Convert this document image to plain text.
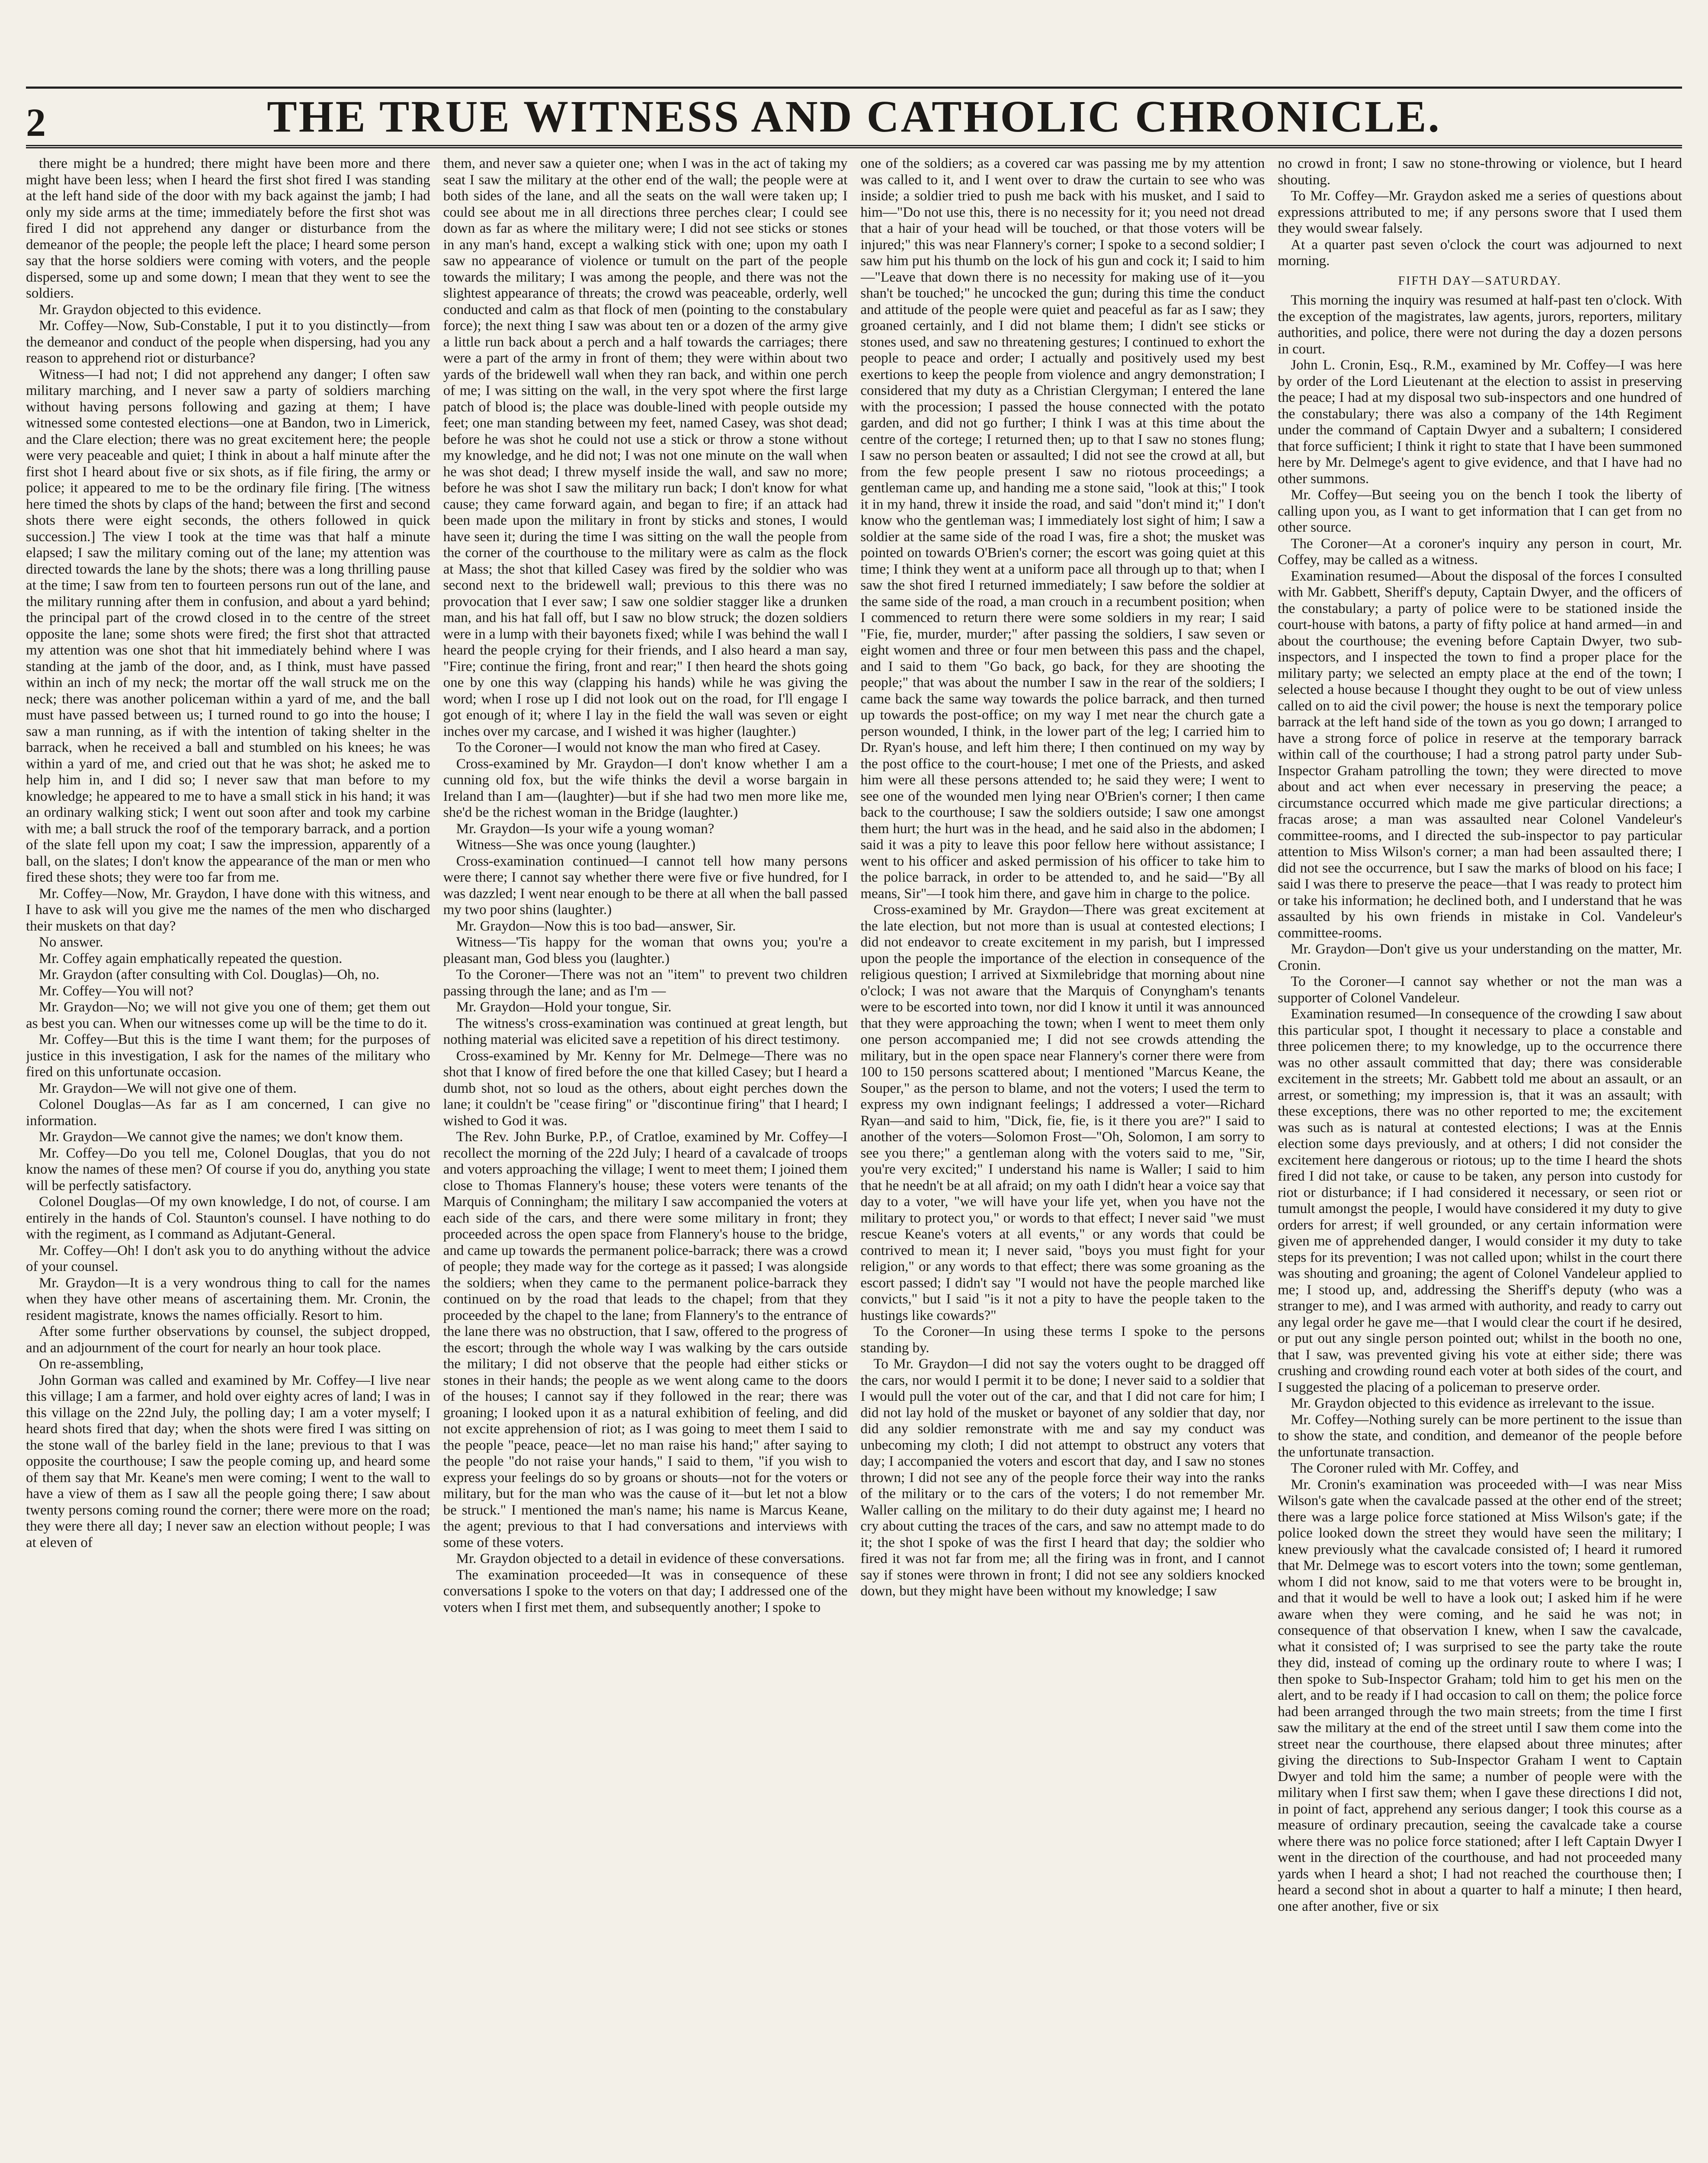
2	THE TRUE WITNESS AND CATHOLIC CHRONICLE.

there might be a hundred; there might have been more and there might have been less; when I heard the first shot fired I was standing at the left hand side of the door with my back against the jamb; I had only my side arms at the time; immediately before the first shot was fired I did not apprehend any danger or disturbance from the demeanor of the people; the people left the place; I heard some person say that the horse soldiers were coming with voters, and the people dispersed, some up and some down; I mean that they went to see the soldiers.

Mr. Graydon objected to this evidence.

Mr. Coffey—Now, Sub-Constable, I put it to you distinctly—from the demeanor and conduct of the people when dispersing, had you any reason to apprehend riot or disturbance?

Witness—I had not; I did not apprehend any danger; I often saw military marching, and I never saw a party of soldiers marching without having persons following and gazing at them; I have witnessed some contested elections—one at Bandon, two in Limerick, and the Clare election; there was no great excitement here; the people were very peaceable and quiet; I think in about a half minute after the first shot I heard about five or six shots, as if file firing, the army or police; it appeared to me to be the ordinary file firing. [The witness here timed the shots by claps of the hand; between the first and second shots there were eight seconds, the others followed in quick succession.] The view I took at the time was that half a minute elapsed; I saw the military coming out of the lane; my attention was directed towards the lane by the shots; there was a long thrilling pause at the time; I saw from ten to fourteen persons run out of the lane, and the military running after them in confusion, and about a yard behind; the principal part of the crowd closed in to the centre of the street opposite the lane; some shots were fired; the first shot that attracted my attention was one shot that hit immediately behind where I was standing at the jamb of the door, and, as I think, must have passed within an inch of my neck; the mortar off the wall struck me on the neck; there was another policeman within a yard of me, and the ball must have passed between us; I turned round to go into the house; I saw a man running, as if with the intention of taking shelter in the barrack, when he received a ball and stumbled on his knees; he was within a yard of me, and cried out that he was shot; he asked me to help him in, and I did so; I never saw that man before to my knowledge; he appeared to me to have a small stick in his hand; it was an ordinary walking stick; I went out soon after and took my carbine with me; a ball struck the roof of the temporary barrack, and a portion of the slate fell upon my coat; I saw the impression, apparently of a ball, on the slates; I don't know the appearance of the man or men who fired these shots; they were too far from me.

Mr. Coffey—Now, Mr. Graydon, I have done with this witness, and I have to ask will you give me the names of the men who discharged their muskets on that day?

No answer.

Mr. Coffey again emphatically repeated the question.

Mr. Graydon (after consulting with Col. Douglas)—Oh, no.

Mr. Coffey—You will not?

Mr. Graydon—No; we will not give you one of them; get them out as best you can. When our witnesses come up will be the time to do it.

Mr. Coffey—But this is the time I want them; for the purposes of justice in this investigation, I ask for the names of the military who fired on this unfortunate occasion.

Mr. Graydon—We will not give one of them.

Colonel Douglas—As far as I am concerned, I can give no information.

Mr. Graydon—We cannot give the names; we don't know them.

Mr. Coffey—Do you tell me, Colonel Douglas, that you do not know the names of these men? Of course if you do, anything you state will be perfectly satisfactory.

Colonel Douglas—Of my own knowledge, I do not, of course. I am entirely in the hands of Col. Staunton's counsel. I have nothing to do with the regiment, as I command as Adjutant-General.

Mr. Coffey—Oh! I don't ask you to do anything without the advice of your counsel.

Mr. Graydon—It is a very wondrous thing to call for the names when they have other means of ascertaining them. Mr. Cronin, the resident magistrate, knows the names officially. Resort to him.

After some further observations by counsel, the subject dropped, and an adjournment of the court for nearly an hour took place.

On re-assembling,

John Gorman was called and examined by Mr. Coffey—I live near this village; I am a farmer, and hold over eighty acres of land; I was in this village on the 22nd July, the polling day; I am a voter myself; I heard shots fired that day; when the shots were fired I was sitting on the stone wall of the barley field in the lane; previous to that I was opposite the courthouse; I saw the people coming up, and heard some of them say that Mr. Keane's men were coming; I went to the wall to have a view of them as I saw all the people going there; I saw about twenty persons coming round the corner; there were more on the road; they were there all day; I never saw an election without people; I was at eleven of

them, and never saw a quieter one; when I was in the act of taking my seat I saw the military at the other end of the wall; the people were at both sides of the lane, and all the seats on the wall were taken up; I could see about me in all directions three perches clear; I could see down as far as where the military were; I did not see sticks or stones in any man's hand, except a walking stick with one; upon my oath I saw no appearance of violence or tumult on the part of the people towards the military; I was among the people, and there was not the slightest appearance of threats; the crowd was peaceable, orderly, well conducted and calm as that flock of men (pointing to the constabulary force); the next thing I saw was about ten or a dozen of the army give a little run back about a perch and a half towards the carriages; there were a part of the army in front of them; they were within about two yards of the bridewell wall when they ran back, and within one perch of me; I was sitting on the wall, in the very spot where the first large patch of blood is; the place was double-lined with people outside my feet; one man standing between my feet, named Casey, was shot dead; before he was shot he could not use a stick or throw a stone without my knowledge, and he did not; I was not one minute on the wall when he was shot dead; I threw myself inside the wall, and saw no more; before he was shot I saw the military run back; I don't know for what cause; they came forward again, and began to fire; if an attack had been made upon the military in front by sticks and stones, I would have seen it; during the time I was sitting on the wall the people from the corner of the courthouse to the military were as calm as the flock at Mass; the shot that killed Casey was fired by the soldier who was second next to the bridewell wall; previous to this there was no provocation that I ever saw; I saw one soldier stagger like a drunken man, and his hat fall off, but I saw no blow struck; the dozen soldiers were in a lump with their bayonets fixed; while I was behind the wall I heard the people crying for their friends, and I also heard a man say, "Fire; continue the firing, front and rear;" I then heard the shots going one by one this way (clapping his hands) while he was giving the word; when I rose up I did not look out on the road, for I'll engage I got enough of it; where I lay in the field the wall was seven or eight inches over my carcase, and I wished it was higher (laughter.)

To the Coroner—I would not know the man who fired at Casey.

Cross-examined by Mr. Graydon—I don't know whether I am a cunning old fox, but the wife thinks the devil a worse bargain in Ireland than I am—(laughter)—but if she had two men more like me, she'd be the richest woman in the Bridge (laughter.)

Mr. Graydon—Is your wife a young woman?

Witness—She was once young (laughter.)

Cross-examination continued—I cannot tell how many persons were there; I cannot say whether there were five or five hundred, for I was dazzled; I went near enough to be there at all when the ball passed my two poor shins (laughter.)

Mr. Graydon—Now this is too bad—answer, Sir.

Witness—'Tis happy for the woman that owns you; you're a pleasant man, God bless you (laughter.)

To the Coroner—There was not an "item" to prevent two children passing through the lane; and as I'm —

Mr. Graydon—Hold your tongue, Sir.

The witness's cross-examination was continued at great length, but nothing material was elicited save a repetition of his direct testimony.

Cross-examined by Mr. Kenny for Mr. Delmege—There was no shot that I know of fired before the one that killed Casey; but I heard a dumb shot, not so loud as the others, about eight perches down the lane; it couldn't be "cease firing" or "discontinue firing" that I heard; I wished to God it was.

The Rev. John Burke, P.P., of Cratloe, examined by Mr. Coffey—I recollect the morning of the 22d July; I heard of a cavalcade of troops and voters approaching the village; I went to meet them; I joined them close to Thomas Flannery's house; these voters were tenants of the Marquis of Conningham; the military I saw accompanied the voters at each side of the cars, and there were some military in front; they proceeded across the open space from Flannery's house to the bridge, and came up towards the permanent police-barrack; there was a crowd of people; they made way for the cortege as it passed; I was alongside the soldiers; when they came to the permanent police-barrack they continued on by the road that leads to the chapel; from that they proceeded by the chapel to the lane; from Flannery's to the entrance of the lane there was no obstruction, that I saw, offered to the progress of the escort; through the whole way I was walking by the cars outside the military; I did not observe that the people had either sticks or stones in their hands; the people as we went along came to the doors of the houses; I cannot say if they followed in the rear; there was groaning; I looked upon it as a natural exhibition of feeling, and did not excite apprehension of riot; as I was going to meet them I said to the people "peace, peace—let no man raise his hand;" after saying to the people "do not raise your hands," I said to them, "if you wish to express your feelings do so by groans or shouts—not for the voters or military, but for the man who was the cause of it—but let not a blow be struck." I mentioned the man's name; his name is Marcus Keane, the agent; previous to that I had conversations and interviews with some of these voters.

Mr. Graydon objected to a detail in evidence of these conversations.

The examination proceeded—It was in consequence of these conversations I spoke to the voters on that day; I addressed one of the voters when I first met them, and subsequently another; I spoke to

one of the soldiers; as a covered car was passing me by my attention was called to it, and I went over to draw the curtain to see who was inside; a soldier tried to push me back with his musket, and I said to him—"Do not use this, there is no necessity for it; you need not dread that a hair of your head will be touched, or that those voters will be injured;" this was near Flannery's corner; I spoke to a second soldier; I saw him put his thumb on the lock of his gun and cock it; I said to him—"Leave that down there is no necessity for making use of it—you shan't be touched;" he uncocked the gun; during this time the conduct and attitude of the people were quiet and peaceful as far as I saw; they groaned certainly, and I did not blame them; I didn't see sticks or stones used, and saw no threatening gestures; I continued to exhort the people to peace and order; I actually and positively used my best exertions to keep the people from violence and angry demonstration; I considered that my duty as a Christian Clergyman; I entered the lane with the procession; I passed the house connected with the potato garden, and did not go further; I think I was at this time about the centre of the cortege; I returned then; up to that I saw no stones flung; I saw no person beaten or assaulted; I did not see the crowd at all, but from the few people present I saw no riotous proceedings; a gentleman came up, and handing me a stone said, "look at this;" I took it in my hand, threw it inside the road, and said "don't mind it;" I don't know who the gentleman was; I immediately lost sight of him; I saw a soldier at the same side of the road I was, fire a shot; the musket was pointed on towards O'Brien's corner; the escort was going quiet at this time; I think they went at a uniform pace all through up to that; when I saw the shot fired I returned immediately; I saw before the soldier at the same side of the road, a man crouch in a recumbent position; when I commenced to return there were some soldiers in my rear; I said "Fie, fie, murder, murder;" after passing the soldiers, I saw seven or eight women and three or four men between this pass and the chapel, and I said to them "Go back, go back, for they are shooting the people;" that was about the number I saw in the rear of the soldiers; I came back the same way towards the police barrack, and then turned up towards the post-office; on my way I met near the church gate a person wounded, I think, in the lower part of the leg; I carried him to Dr. Ryan's house, and left him there; I then continued on my way by the post office to the court-house; I met one of the Priests, and asked him were all these persons attended to; he said they were; I went to see one of the wounded men lying near O'Brien's corner; I then came back to the courthouse; I saw the soldiers outside; I saw one amongst them hurt; the hurt was in the head, and he said also in the abdomen; I said it was a pity to leave this poor fellow here without assistance; I went to his officer and asked permission of his officer to take him to the police barrack, in order to be attended to, and he said—"By all means, Sir"—I took him there, and gave him in charge to the police.

Cross-examined by Mr. Graydon—There was great excitement at the late election, but not more than is usual at contested elections; I did not endeavor to create excitement in my parish, but I impressed upon the people the importance of the election in consequence of the religious question; I arrived at Sixmilebridge that morning about nine o'clock; I was not aware that the Marquis of Conyngham's tenants were to be escorted into town, nor did I know it until it was announced that they were approaching the town; when I went to meet them only one person accompanied me; I did not see crowds attending the military, but in the open space near Flannery's corner there were from 100 to 150 persons scattered about; I mentioned "Marcus Keane, the Souper," as the person to blame, and not the voters; I used the term to express my own indignant feelings; I addressed a voter—Richard Ryan—and said to him, "Dick, fie, fie, is it there you are?" I said to another of the voters—Solomon Frost—"Oh, Solomon, I am sorry to see you there;" a gentleman along with the voters said to me, "Sir, you're very excited;" I understand his name is Waller; I said to him that he needn't be at all afraid; on my oath I didn't hear a voice say that day to a voter, "we will have your life yet, when you have not the military to protect you," or words to that effect; I never said "we must rescue Keane's voters at all events," or any words that could be contrived to mean it; I never said, "boys you must fight for your religion," or any words to that effect; there was some groaning as the escort passed; I didn't say "I would not have the people marched like convicts," but I said "is it not a pity to have the people taken to the hustings like cowards?"

To the Coroner—In using these terms I spoke to the persons standing by.

To Mr. Graydon—I did not say the voters ought to be dragged off the cars, nor would I permit it to be done; I never said to a soldier that I would pull the voter out of the car, and that I did not care for him; I did not lay hold of the musket or bayonet of any soldier that day, nor did any soldier remonstrate with me and say my conduct was unbecoming my cloth; I did not attempt to obstruct any voters that day; I accompanied the voters and escort that day, and I saw no stones thrown; I did not see any of the people force their way into the ranks of the military or to the cars of the voters; I do not remember Mr. Waller calling on the military to do their duty against me; I heard no cry about cutting the traces of the cars, and saw no attempt made to do it; the shot I spoke of was the first I heard that day; the soldier who fired it was not far from me; all the firing was in front, and I cannot say if stones were thrown in front; I did not see any soldiers knocked down, but they might have been without my knowledge; I saw

no crowd in front; I saw no stone-throwing or violence, but I heard shouting.

To Mr. Coffey—Mr. Graydon asked me a series of questions about expressions attributed to me; if any persons swore that I used them they would swear falsely.

At a quarter past seven o'clock the court was adjourned to next morning.

FIFTH DAY—SATURDAY.

This morning the inquiry was resumed at half-past ten o'clock. With the exception of the magistrates, law agents, jurors, reporters, military authorities, and police, there were not during the day a dozen persons in court.

John L. Cronin, Esq., R.M., examined by Mr. Coffey—I was here by order of the Lord Lieutenant at the election to assist in preserving the peace; I had at my disposal two sub-inspectors and one hundred of the constabulary; there was also a company of the 14th Regiment under the command of Captain Dwyer and a subaltern; I considered that force sufficient; I think it right to state that I have been summoned here by Mr. Delmege's agent to give evidence, and that I have had no other summons.

Mr. Coffey—But seeing you on the bench I took the liberty of calling upon you, as I want to get information that I can get from no other source.

The Coroner—At a coroner's inquiry any person in court, Mr. Coffey, may be called as a witness.

Examination resumed—About the disposal of the forces I consulted with Mr. Gabbett, Sheriff's deputy, Captain Dwyer, and the officers of the constabulary; a party of police were to be stationed inside the court-house with batons, a party of fifty police at hand armed—in and about the courthouse; the evening before Captain Dwyer, two sub-inspectors, and I inspected the town to find a proper place for the military party; we selected an empty place at the end of the town; I selected a house because I thought they ought to be out of view unless called on to aid the civil power; the house is next the temporary police barrack at the left hand side of the town as you go down; I arranged to have a strong force of police in reserve at the temporary barrack within call of the courthouse; I had a strong patrol party under Sub-Inspector Graham patrolling the town; they were directed to move about and act when ever necessary in preserving the peace; a circumstance occurred which made me give particular directions; a fracas arose; a man was assaulted near Colonel Vandeleur's committee-rooms, and I directed the sub-inspector to pay particular attention to Miss Wilson's corner; a man had been assaulted there; I did not see the occurrence, but I saw the marks of blood on his face; I said I was there to preserve the peace—that I was ready to protect him or take his information; he declined both, and I understand that he was assaulted by his own friends in mistake in Col. Vandeleur's committee-rooms.

Mr. Graydon—Don't give us your understanding on the matter, Mr. Cronin.

To the Coroner—I cannot say whether or not the man was a supporter of Colonel Vandeleur.

Examination resumed—In consequence of the crowding I saw about this particular spot, I thought it necessary to place a constable and three policemen there; to my knowledge, up to the occurrence there was no other assault committed that day; there was considerable excitement in the streets; Mr. Gabbett told me about an assault, or an arrest, or something; my impression is, that it was an assault; with these exceptions, there was no other reported to me; the excitement was such as is natural at contested elections; I was at the Ennis election some days previously, and at others; I did not consider the excitement here dangerous or riotous; up to the time I heard the shots fired I did not take, or cause to be taken, any person into custody for riot or disturbance; if I had considered it necessary, or seen riot or tumult amongst the people, I would have considered it my duty to give orders for arrest; if well grounded, or any certain information were given me of apprehended danger, I would consider it my duty to take steps for its prevention; I was not called upon; whilst in the court there was shouting and groaning; the agent of Colonel Vandeleur applied to me; I stood up, and, addressing the Sheriff's deputy (who was a stranger to me), and I was armed with authority, and ready to carry out any legal order he gave me—that I would clear the court if he desired, or put out any single person pointed out; whilst in the booth no one, that I saw, was prevented giving his vote at either side; there was crushing and crowding round each voter at both sides of the court, and I suggested the placing of a policeman to preserve order.

Mr. Graydon objected to this evidence as irrelevant to the issue.

Mr. Coffey—Nothing surely can be more pertinent to the issue than to show the state, and condition, and demeanor of the people before the unfortunate transaction.

The Coroner ruled with Mr. Coffey, and

Mr. Cronin's examination was proceeded with—I was near Miss Wilson's gate when the cavalcade passed at the other end of the street; there was a large police force stationed at Miss Wilson's gate; if the police looked down the street they would have seen the military; I knew previously what the cavalcade consisted of; I heard it rumored that Mr. Delmege was to escort voters into the town; some gentleman, whom I did not know, said to me that voters were to be brought in, and that it would be well to have a look out; I asked him if he were aware when they were coming, and he said he was not; in consequence of that observation I knew, when I saw the cavalcade, what it consisted of; I was surprised to see the party take the route they did, instead of coming up the ordinary route to where I was; I then spoke to Sub-Inspector Graham; told him to get his men on the alert, and to be ready if I had occasion to call on them; the police force had been arranged through the two main streets; from the time I first saw the military at the end of the street until I saw them come into the street near the courthouse, there elapsed about three minutes; after giving the directions to Sub-Inspector Graham I went to Captain Dwyer and told him the same; a number of people were with the military when I first saw them; when I gave these directions I did not, in point of fact, apprehend any serious danger; I took this course as a measure of ordinary precaution, seeing the cavalcade take a course where there was no police force stationed; after I left Captain Dwyer I went in the direction of the courthouse, and had not proceeded many yards when I heard a shot; I had not reached the courthouse then; I heard a second shot in about a quarter to half a minute; I then heard, one after another, five or six
